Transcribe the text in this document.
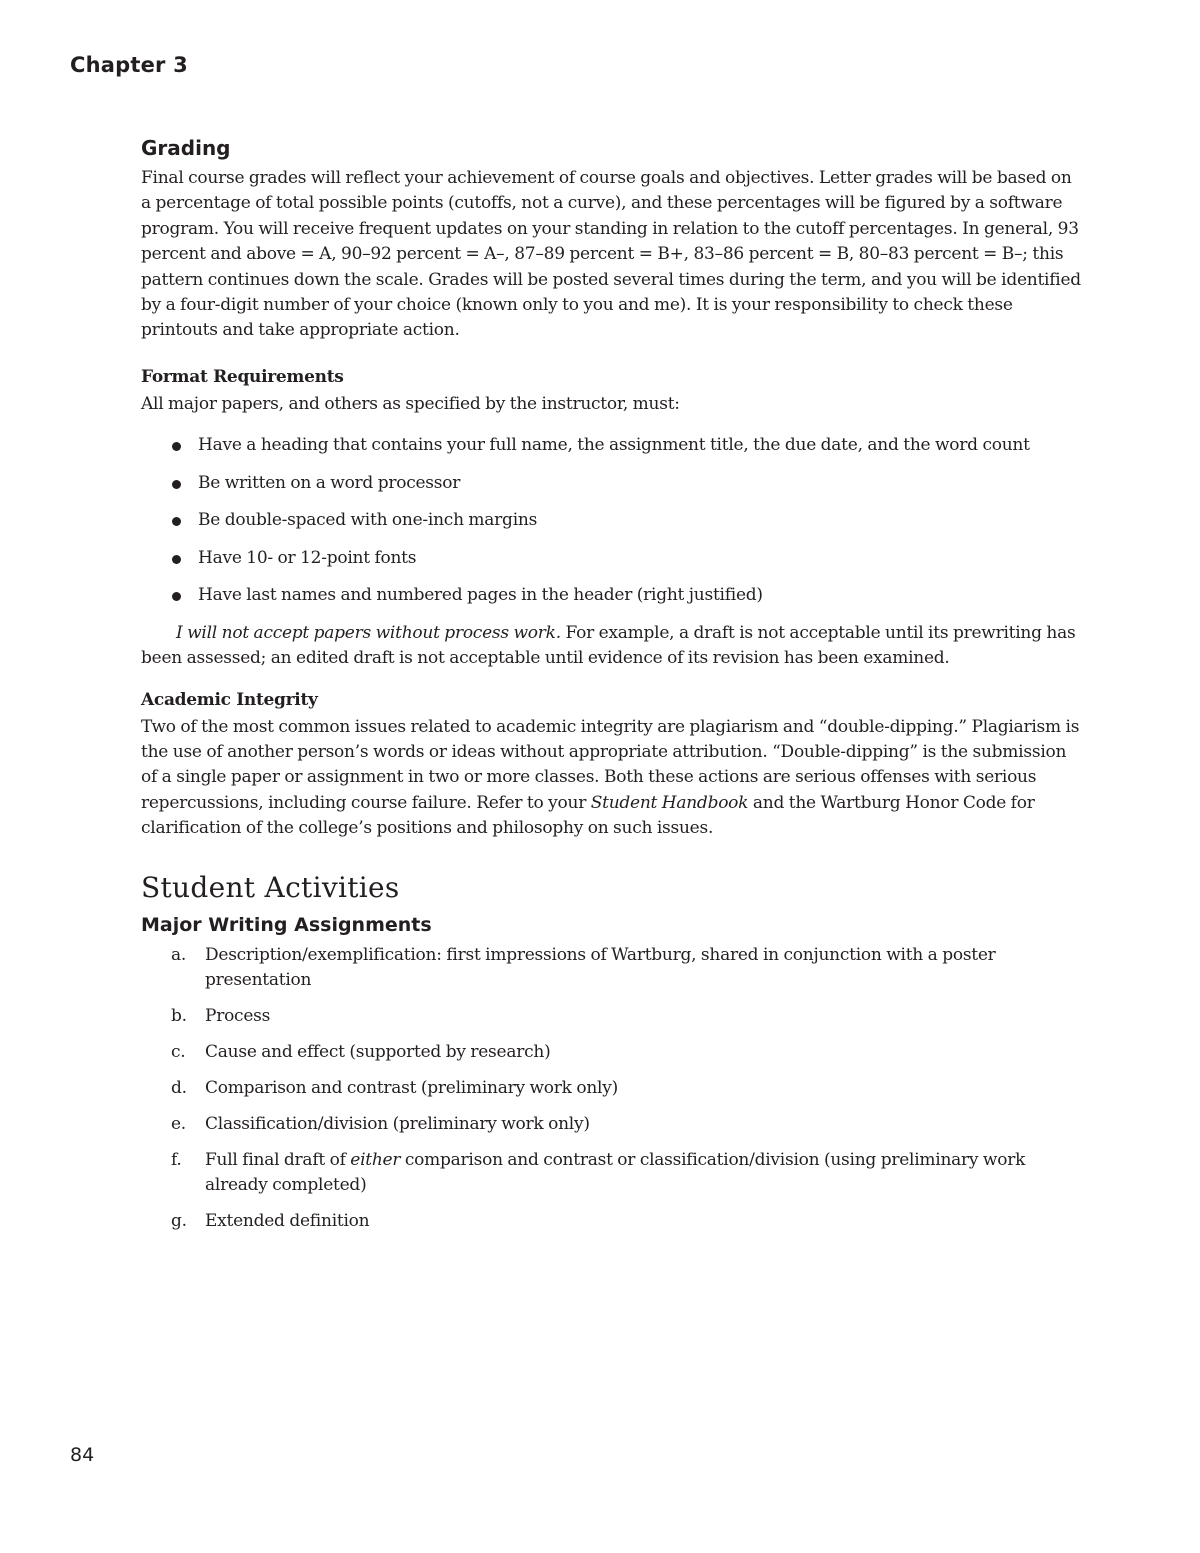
Chapter 3
Grading

Final course grades will reflect your achievement of course goals and objectives. Letter grades will be based on a percentage of total possible points (cutoffs, not a curve), and these percentages will be figured by a software program. You will receive frequent updates on your standing in relation to the cutoff percentages. In general, 93 percent and above = A, 90–92 percent = A–, 87–89 percent = B+, 83–86 percent = B, 80–83 percent = B–; this pattern continues down the scale. Grades will be posted several times during the term, and you will be identified by a four-digit number of your choice (known only to you and me). It is your responsibility to check these printouts and take appropriate action.

Format Requirements

All major papers, and others as specified by the instructor, must:

Have a heading that contains your full name, the assignment title, the due date, and the word count
Be written on a word processor
Be double-spaced with one-inch margins
Have 10- or 12-point fonts
Have last names and numbered pages in the header (right justified)

I will not accept papers without process work. For example, a draft is not acceptable until its prewriting has been assessed; an edited draft is not acceptable until evidence of its revision has been examined.

Academic Integrity

Two of the most common issues related to academic integrity are plagiarism and “double-dipping.” Plagiarism is the use of another person’s words or ideas without appropriate attribution. “Double-dipping” is the submission of a single paper or assignment in two or more classes. Both these actions are serious offenses with serious repercussions, including course failure. Refer to your Student Handbook and the Wartburg Honor Code for clarification of the college’s positions and philosophy on such issues.

Student Activities
Major Writing Assignments
a. Description/exemplification: first impressions of Wartburg, shared in conjunction with a poster presentation
b. Process
c. Cause and effect (supported by research)
d. Comparison and contrast (preliminary work only)
e. Classification/division (preliminary work only)
f. Full final draft of either comparison and contrast or classification/division (using preliminary work already completed)
g. Extended definition
84
